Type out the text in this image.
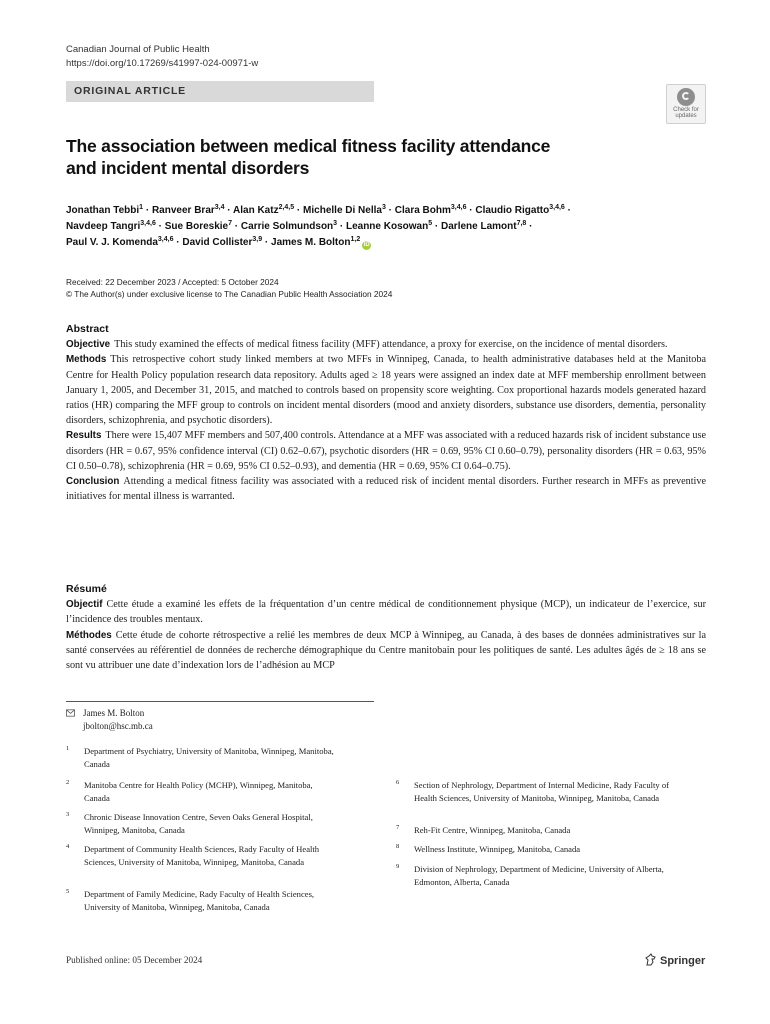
Canadian Journal of Public Health
https://doi.org/10.17269/s41997-024-00971-w
ORIGINAL ARTICLE
Check for
updates
The association between medical fitness facility attendance
and incident mental disorders
Jonathan Tebbi$^1$ · Ranveer Brar$^{3,4}$ · Alan Katz$^{2,4,5}$ · Michelle Di Nella$^3$ · Clara Bohm$^{3,4,6}$ · Claudio Rigatto$^{3,4,6}$ ·
Navdeep Tangri$^{3,4,6}$ · Sue Boreskie$^7$ · Carrie Solmundson$^3$ · Leanne Kosowan$^5$ · Darlene Lamont$^{7,8}$ ·
Paul V. J. Komenda$^{3,4,6}$ · David Collister$^{3,9}$ · James M. Bolton$^{1,2}$iD
Received: 22 December 2023 / Accepted: 5 October 2024
© The Author(s) under exclusive license to The Canadian Public Health Association 2024
Abstract

Objective This study examined the effects of medical fitness facility (MFF) attendance, a proxy for exercise, on the incidence of mental disorders.

Methods This retrospective cohort study linked members at two MFFs in Winnipeg, Canada, to health administrative databases held at the Manitoba Centre for Health Policy population research data repository. Adults aged ≥ 18 years were assigned an index date at MFF membership enrollment between January 1, 2005, and December 31, 2015, and matched to controls based on propensity score weighting. Cox proportional hazards models generated hazard ratios (HR) comparing the MFF group to controls on incident mental disorders (mood and anxiety disorders, substance use disorders, dementia, personality disorders, schizophrenia, and psychotic disorders).

Results There were 15,407 MFF members and 507,400 controls. Attendance at a MFF was associated with a reduced hazards risk of incident substance use disorders (HR = 0.67, 95% confidence interval (CI) 0.62–0.67), psychotic disorders (HR = 0.69, 95% CI 0.60–0.79), personality disorders (HR = 0.63, 95% CI 0.50–0.78), schizophrenia (HR = 0.69, 95% CI 0.52–0.93), and dementia (HR = 0.69, 95% CI 0.64–0.75).

Conclusion Attending a medical fitness facility was associated with a reduced risk of incident mental disorders. Further research in MFFs as preventive initiatives for mental illness is warranted.

Résumé

Objectif Cette étude a examiné les effets de la fréquentation d’un centre médical de conditionnement physique (MCP), un indicateur de l’exercice, sur l’incidence des troubles mentaux.

Méthodes Cette étude de cohorte rétrospective a relié les membres de deux MCP à Winnipeg, au Canada, à des bases de données administratives sur la santé conservées au référentiel de données de recherche démographique du Centre manitobain pour les politiques de santé. Les adultes âgés de ≥ 18 ans se sont vu attribuer une date d’indexation lors de l’adhésion au MCP

James M. Bolton
jbolton@hsc.mb.ca
1 Department of Psychiatry, University of Manitoba, Winnipeg, Manitoba, Canada
2 Manitoba Centre for Health Policy (MCHP), Winnipeg, Manitoba, Canada
3 Chronic Disease Innovation Centre, Seven Oaks General Hospital, Winnipeg, Manitoba, Canada
4 Department of Community Health Sciences, Rady Faculty of Health Sciences, University of Manitoba, Winnipeg, Manitoba, Canada
5 Department of Family Medicine, Rady Faculty of Health Sciences, University of Manitoba, Winnipeg, Manitoba, Canada
6 Section of Nephrology, Department of Internal Medicine, Rady Faculty of Health Sciences, University of Manitoba, Winnipeg, Manitoba, Canada
7 Reh-Fit Centre, Winnipeg, Manitoba, Canada
8 Wellness Institute, Winnipeg, Manitoba, Canada
9 Division of Nephrology, Department of Medicine, University of Alberta, Edmonton, Alberta, Canada
Published online: 05 December 2024	Springer
